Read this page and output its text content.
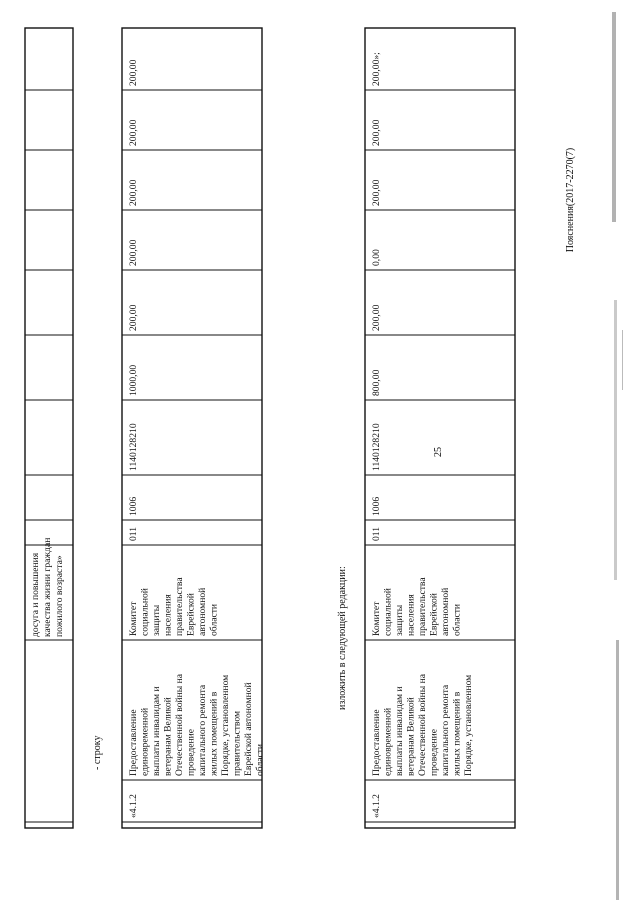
25
Пояснения(2017-2270(7)
досуга и повышения качества жизни граждан пожилого возраста»
- строку
«4.1.2
Предоставление единовременной выплаты инвалидам и ветеранам Великой Отечественной войны на проведение капитального ремонта жилых помещений в Порядке, установленном правительством Еврейской автономной области
Комитет социальной защиты населения правительства Еврейской автономной области
011
1006
1140128210
1000,00
200,00
200,00
200,00
200,00
200,00
изложить в следующей редакции:
«4.1.2
Предоставление единовременной выплаты инвалидам и ветеранам Великой Отечественной войны на проведение капитального ремонта жилых помещений в Порядке, установленном
Комитет социальной защиты населения правительства Еврейской автономной области
011
1006
1140128210
800,00
200,00
0,00
200,00
200,00
200,00»;
